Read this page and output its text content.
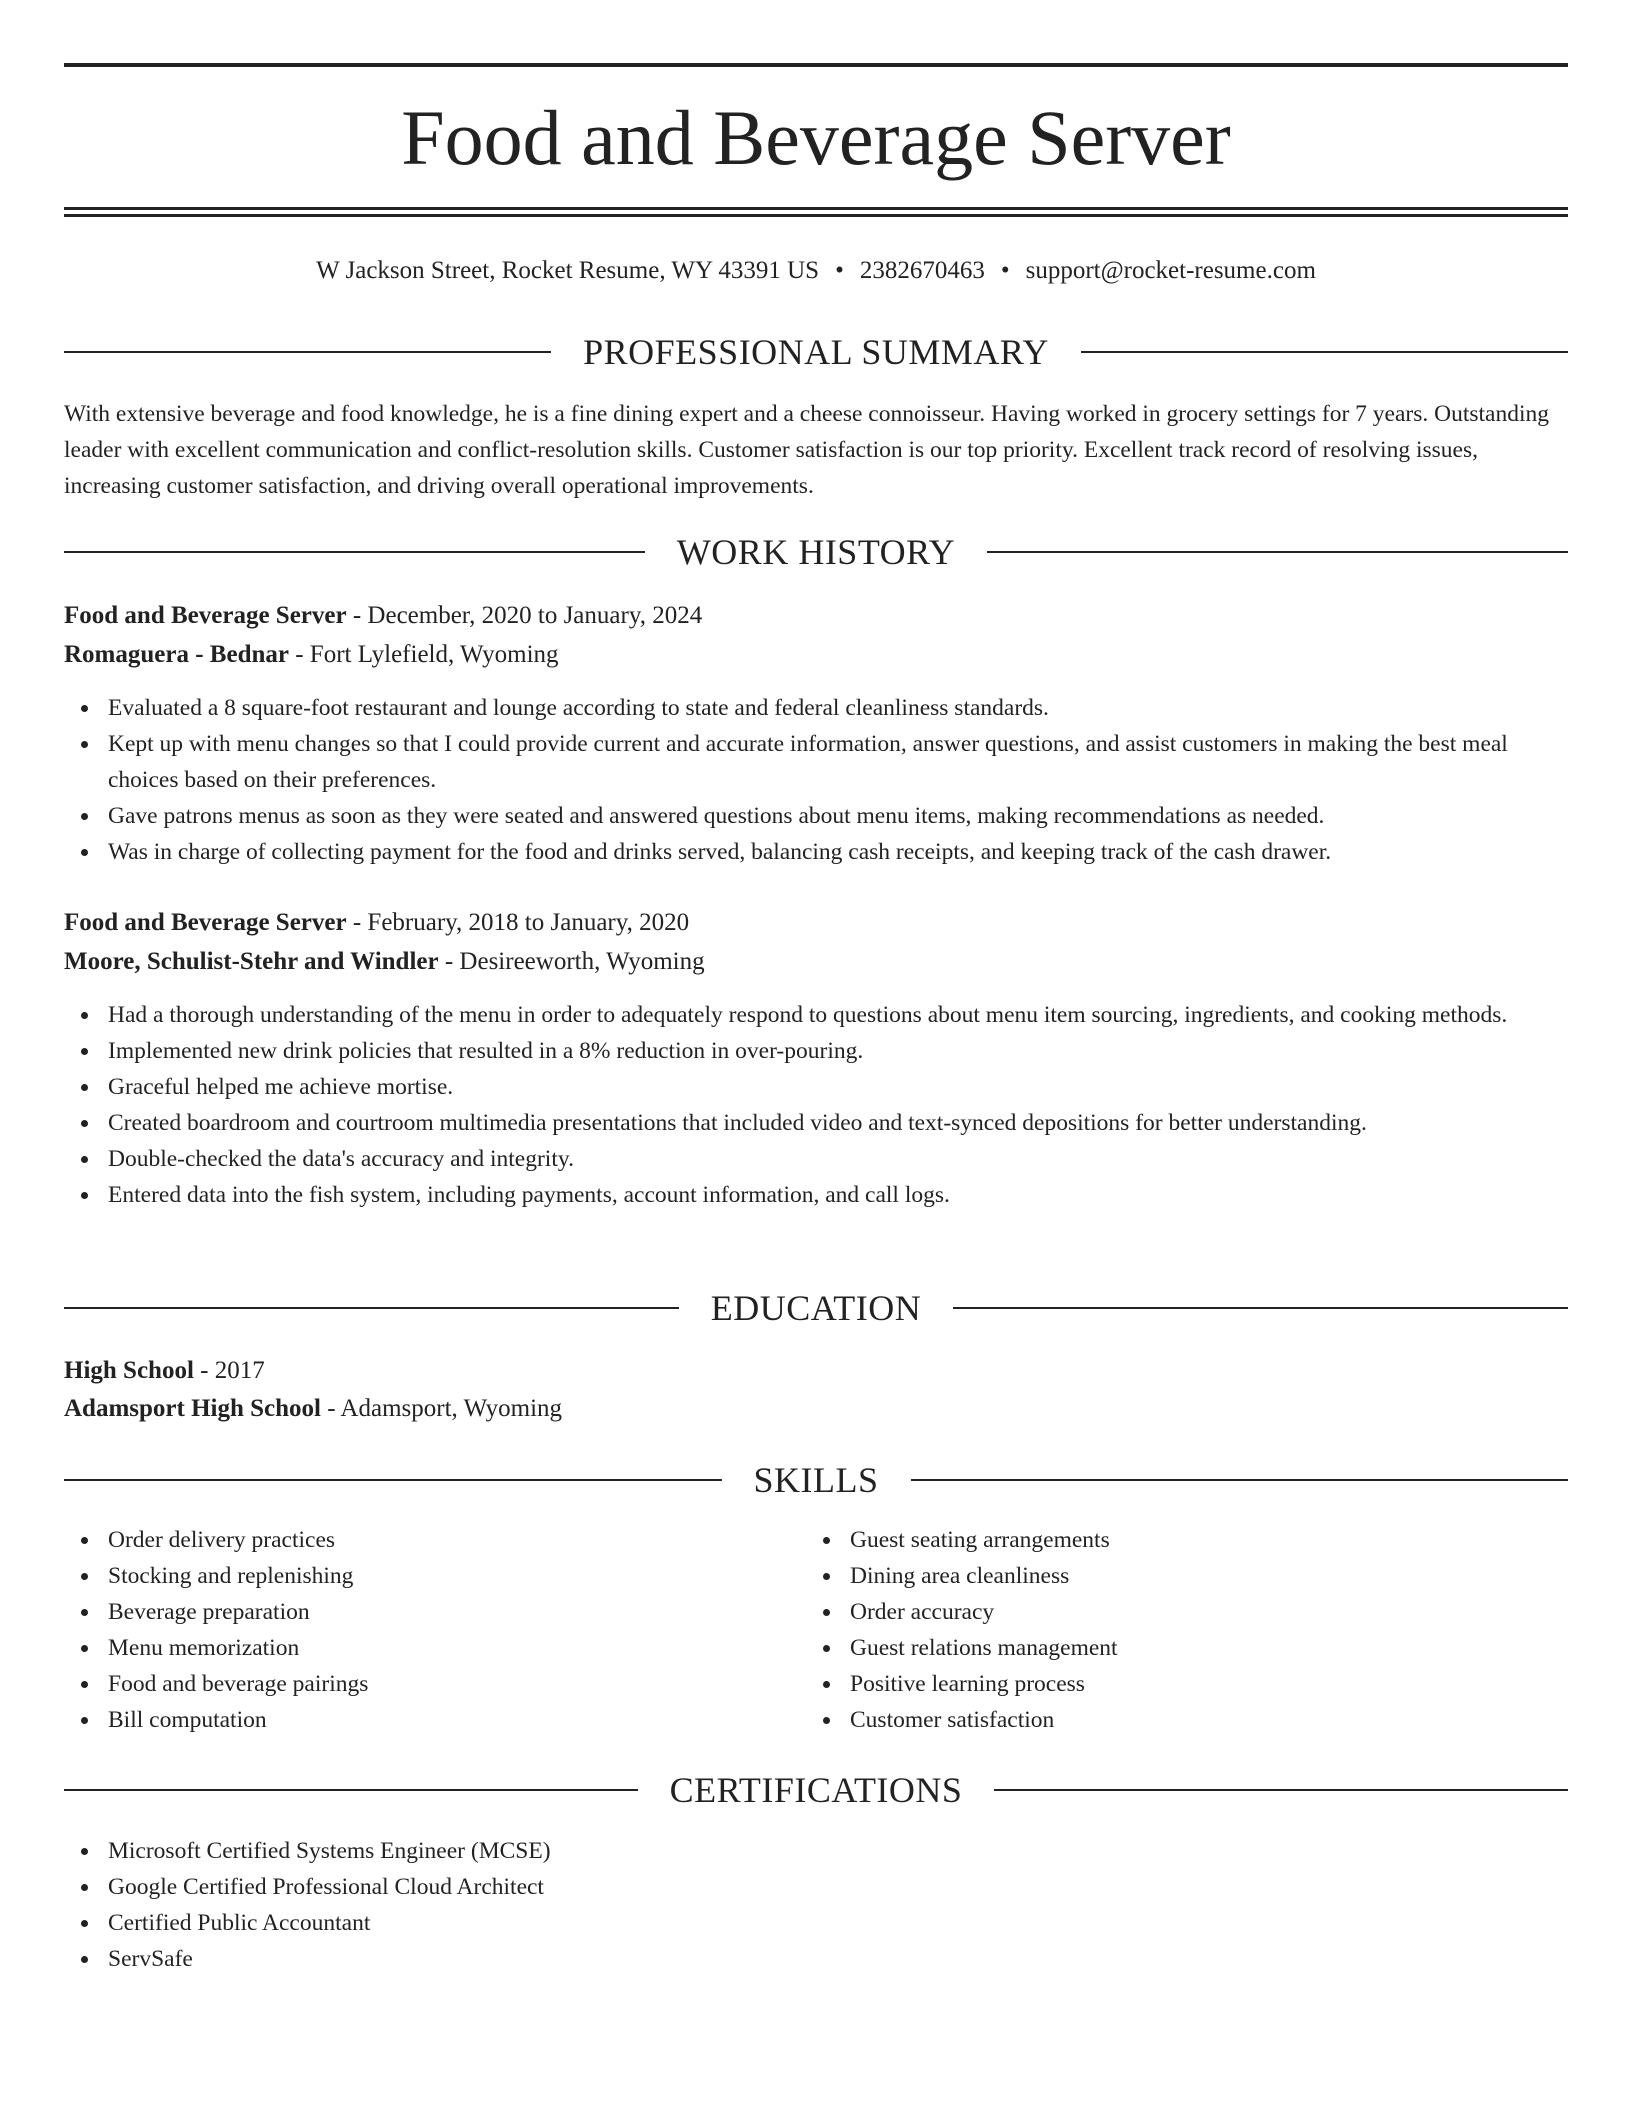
Food and Beverage Server

W Jackson Street, Rocket Resume, WY 43391 US • 2382670463 • support@rocket-resume.com

PROFESSIONAL SUMMARY

With extensive beverage and food knowledge, he is a fine dining expert and a cheese connoisseur. Having worked in grocery settings for 7 years. Outstanding leader with excellent communication and conflict-resolution skills. Customer satisfaction is our top priority. Excellent track record of resolving issues, increasing customer satisfaction, and driving overall operational improvements.

WORK HISTORY

Food and Beverage Server - December, 2020 to January, 2024

Romaguera - Bednar - Fort Lylefield, Wyoming

Evaluated a 8 square-foot restaurant and lounge according to state and federal cleanliness standards.
Kept up with menu changes so that I could provide current and accurate information, answer questions, and assist customers in making the best meal choices based on their preferences.
Gave patrons menus as soon as they were seated and answered questions about menu items, making recommendations as needed.
Was in charge of collecting payment for the food and drinks served, balancing cash receipts, and keeping track of the cash drawer.

Food and Beverage Server - February, 2018 to January, 2020

Moore, Schulist-Stehr and Windler - Desireeworth, Wyoming

Had a thorough understanding of the menu in order to adequately respond to questions about menu item sourcing, ingredients, and cooking methods.
Implemented new drink policies that resulted in a 8% reduction in over-pouring.
Graceful helped me achieve mortise.
Created boardroom and courtroom multimedia presentations that included video and text-synced depositions for better understanding.
Double-checked the data's accuracy and integrity.
Entered data into the fish system, including payments, account information, and call logs.
EDUCATION

High School - 2017

Adamsport High School - Adamsport, Wyoming

SKILLS
Order delivery practices
Stocking and replenishing
Beverage preparation
Menu memorization
Food and beverage pairings
Bill computation
Guest seating arrangements
Dining area cleanliness
Order accuracy
Guest relations management
Positive learning process
Customer satisfaction
CERTIFICATIONS
Microsoft Certified Systems Engineer (MCSE)
Google Certified Professional Cloud Architect
Certified Public Accountant
ServSafe
